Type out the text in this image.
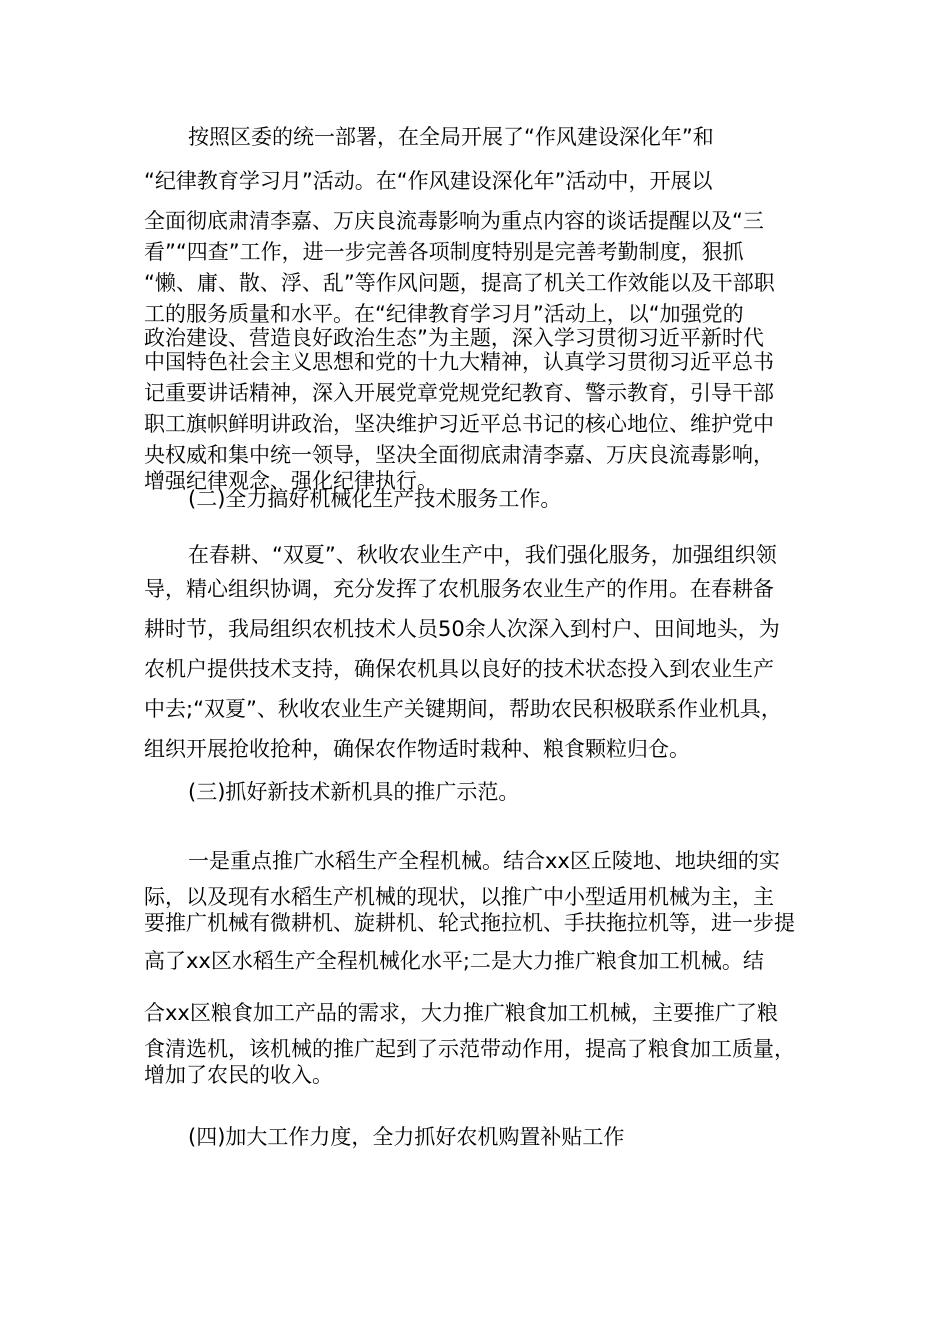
按照区委的统一部署，在全局开展了“作风建设深化年”和
“纪律教育学习月”活动。在“作风建设深化年”活动中，开展以
全面彻底肃清李嘉、万庆良流毒影响为重点内容的谈话提醒以及“三
看”“四查”工作，进一步完善各项制度特别是完善考勤制度，狠抓
“懒、庸、散、浮、乱”等作风问题，提高了机关工作效能以及干部职
工的服务质量和水平。在“纪律教育学习月”活动上，以“加强党的
政治建设、营造良好政治生态”为主题，深入学习贯彻习近平新时代
中国特色社会主义思想和党的十九大精神，认真学习贯彻习近平总书
记重要讲话精神，深入开展党章党规党纪教育、警示教育，引导干部
职工旗帜鲜明讲政治，坚决维护习近平总书记的核心地位、维护党中
央权威和集中统一领导，坚决全面彻底肃清李嘉、万庆良流毒影响，
增强纪律观念、强化纪律执行。
(二)全力搞好机械化生产技术服务工作。
在春耕、“双夏”、秋收农业生产中，我们强化服务，加强组织领
导，精心组织协调，充分发挥了农机服务农业生产的作用。在春耕备
耕时节，我局组织农机技术人员50余人次深入到村户、田间地头，为
农机户提供技术支持，确保农机具以良好的技术状态投入到农业生产
中去;“双夏”、秋收农业生产关键期间，帮助农民积极联系作业机具，
组织开展抢收抢种，确保农作物适时栽种、粮食颗粒归仓。
(三)抓好新技术新机具的推广示范。
一是重点推广水稻生产全程机械。结合xx区丘陵地、地块细的实
际，以及现有水稻生产机械的现状，以推广中小型适用机械为主，主
要推广机械有微耕机、旋耕机、轮式拖拉机、手扶拖拉机等，进一步提
高了xx区水稻生产全程机械化水平;二是大力推广粮食加工机械。结
合xx区粮食加工产品的需求，大力推广粮食加工机械，主要推广了粮
食清选机，该机械的推广起到了示范带动作用，提高了粮食加工质量，
增加了农民的收入。
(四)加大工作力度，全力抓好农机购置补贴工作
